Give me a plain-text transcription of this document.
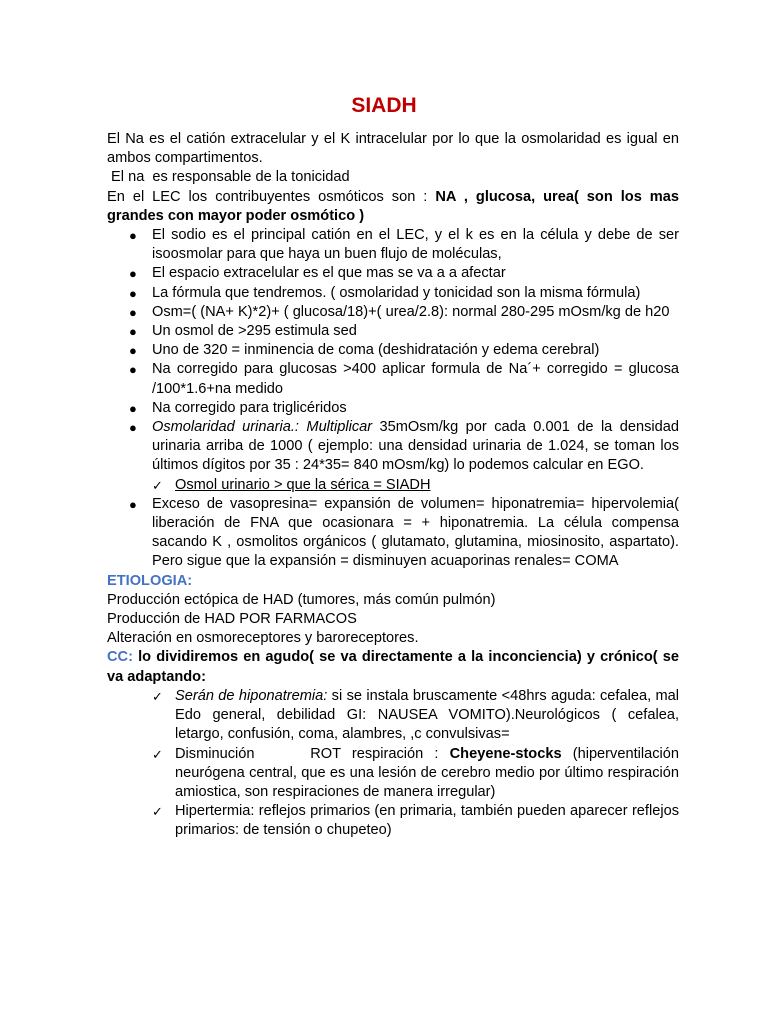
SIADH

El Na es el catión extracelular y el K intracelular por lo que la osmolaridad es igual en ambos compartimentos.

El na  es responsable de la tonicidad

En el LEC los contribuyentes osmóticos son : NA , glucosa, urea( son los mas grandes con mayor poder osmótico )

● El sodio es el principal catión en el LEC, y el k es en la célula y debe de ser isoosmolar para que haya un buen flujo de moléculas,
● El espacio extracelular es el que mas se va a a afectar
● La fórmula que tendremos. ( osmolaridad y tonicidad son la misma fórmula)
● Osm=( (NA+ K)*2)+ ( glucosa/18)+( urea/2.8): normal 280-295 mOsm/kg de h20
● Un osmol de >295 estimula sed
● Uno de 320 = inminencia de coma (deshidratación y edema cerebral)
● Na corregido para glucosas >400 aplicar formula de Na´+ corregido = glucosa /100*1.6+na medido
● Na corregido para triglicéridos
● Osmolaridad urinaria.: Multiplicar 35mOsm/kg por cada 0.001 de la densidad urinaria arriba de 1000 ( ejemplo: una densidad urinaria de 1.024, se toman los últimos dígitos por 35 : 24*35= 840 mOsm/kg) lo podemos calcular en EGO.
✓ Osmol urinario > que la sérica = SIADH
● Exceso de vasopresina= expansión de volumen= hiponatremia= hipervolemia( liberación de FNA que ocasionara = + hiponatremia. La célula compensa sacando K , osmolitos orgánicos ( glutamato, glutamina, miosinosito, aspartato). Pero sigue que la expansión = disminuyen acuaporinas renales= COMA

ETIOLOGIA:

Producción ectópica de HAD (tumores, más común pulmón)

Producción de HAD POR FARMACOS

Alteración en osmoreceptores y baroreceptores.

CC: lo dividiremos en agudo( se va directamente a la inconciencia) y crónico( se va adaptando:

✓ Serán de hiponatremia: si se instala bruscamente <48hrs aguda: cefalea, mal Edo general, debilidad GI: NAUSEA VOMITO).Neurológicos ( cefalea, letargo, confusión, coma, alambres, ,c convulsivas=
✓ Disminución     ROT respiración : Cheyene-stocks (hiperventilación neurógena central, que es una lesión de cerebro medio por último respiración amiostica, son respiraciones de manera irregular)
✓ Hipertermia: reflejos primarios (en primaria, también pueden aparecer reflejos primarios: de tensión o chupeteo)
